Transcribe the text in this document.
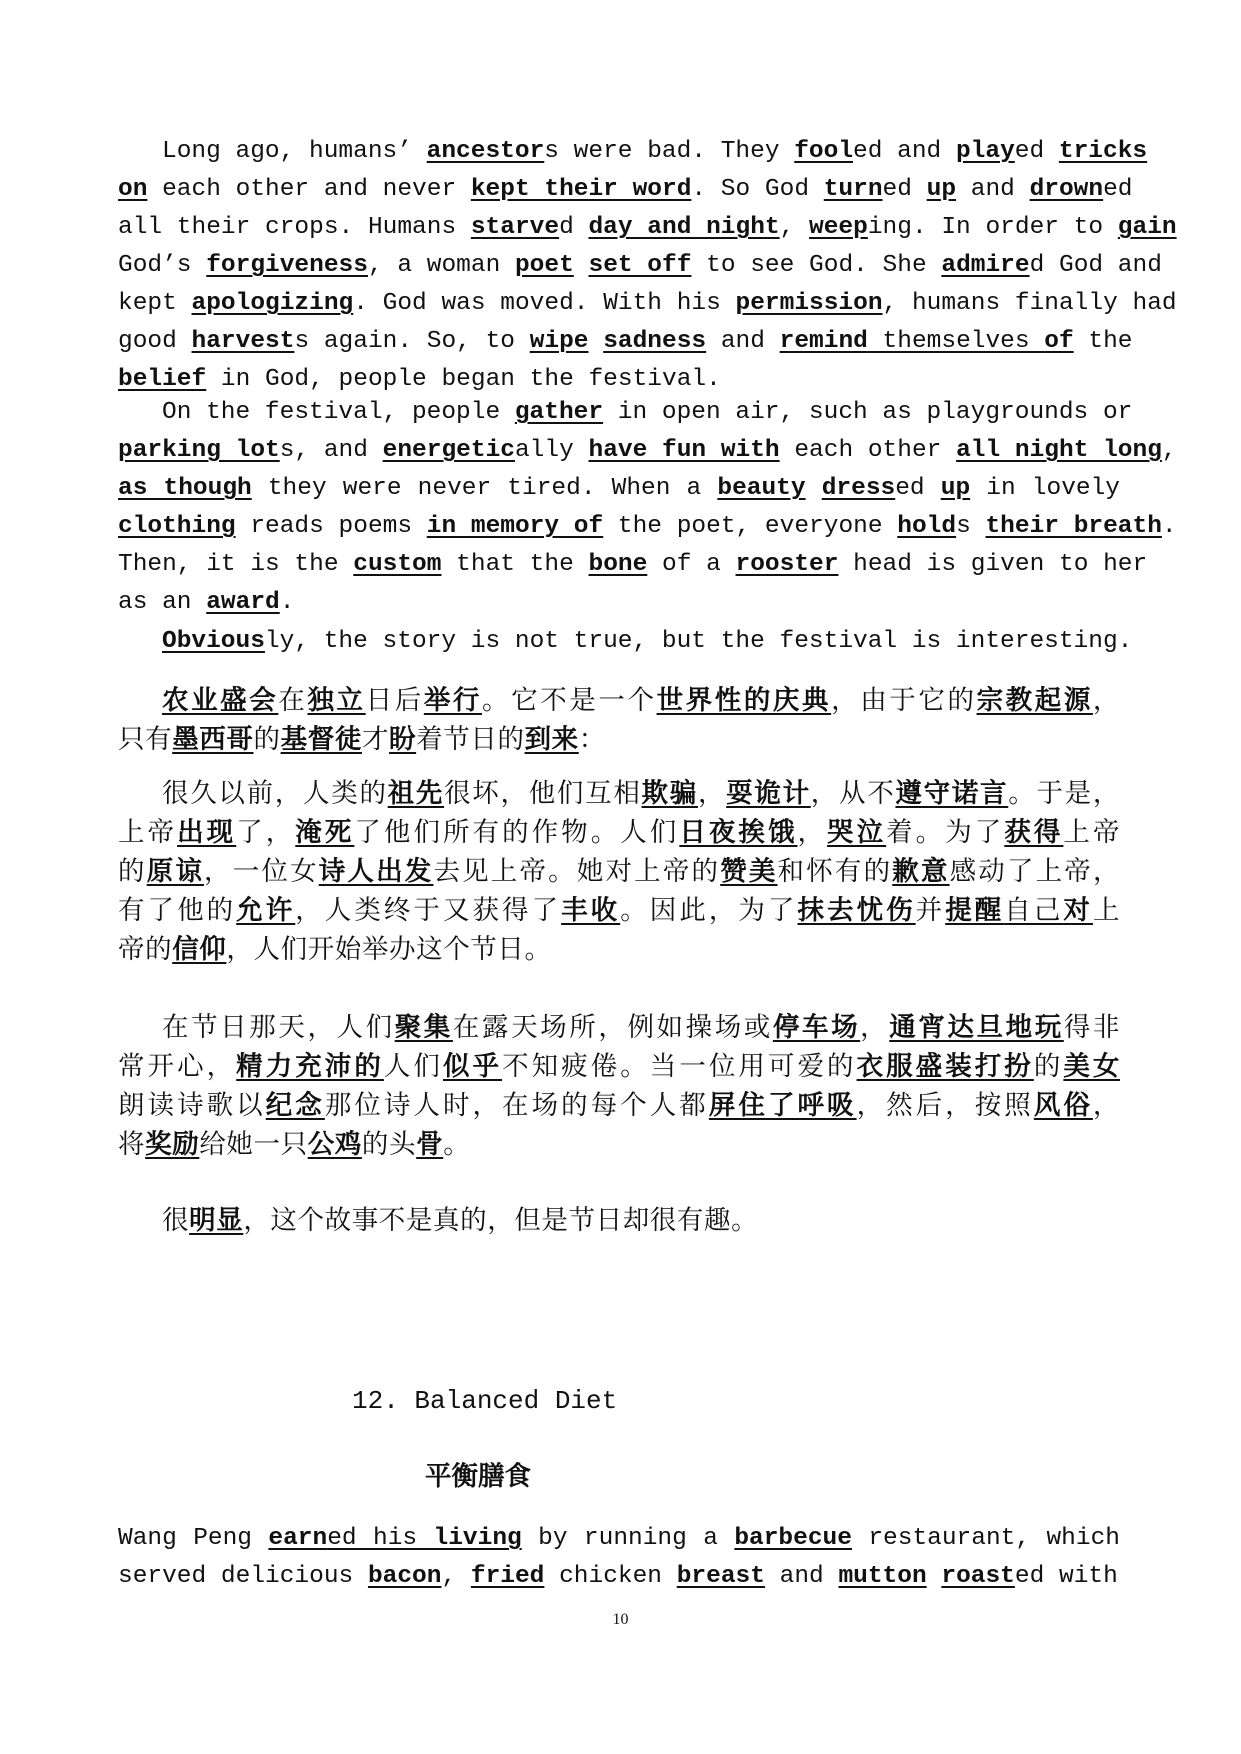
Long ago, humans’ ancestors were bad. They fooled and played tricks
on each other and never kept their word. So God turned up and drowned
all their crops. Humans starved day and night, weeping. In order to gain
God’s forgiveness, a woman poet set off to see God. She admired God and
kept apologizing. God was moved. With his permission, humans finally had
good harvests again. So, to wipe sadness and remind themselves of the
belief in God, people began the festival.
On the festival, people gather in open air, such as playgrounds or
parking lots, and energetically have fun with each other all night long,
as though they were never tired. When a beauty dressed up in lovely
clothing reads poems in memory of the poet, everyone holds their breath.
Then, it is the custom that the bone of a rooster head is given to her
as an award.
Obviously, the story is not true, but the festival is interesting.
农业盛会在独立日后举行。它不是一个世界性的庆典，由于它的宗教起源，
只有墨西哥的基督徒才盼着节日的到来：
很久以前，人类的祖先很坏，他们互相欺骗，耍诡计，从不遵守诺言。于是，
上帝出现了，淹死了他们所有的作物。人们日夜挨饿，哭泣着。为了获得上帝
的原谅，一位女诗人出发去见上帝。她对上帝的赞美和怀有的歉意感动了上帝，
有了他的允许，人类终于又获得了丰收。因此，为了抹去忧伤并提醒自己对上
帝的信仰，人们开始举办这个节日。
在节日那天，人们聚集在露天场所，例如操场或停车场，通宵达旦地玩得非
常开心，精力充沛的人们似乎不知疲倦。当一位用可爱的衣服盛装打扮的美女
朗读诗歌以纪念那位诗人时，在场的每个人都屏住了呼吸，然后，按照风俗，
将奖励给她一只公鸡的头骨。
很明显，这个故事不是真的，但是节日却很有趣。
Wang Peng earned his living by running a barbecue restaurant, which
served delicious bacon, fried chicken breast and mutton roasted with
12. Balanced Diet
平衡膳食
10
